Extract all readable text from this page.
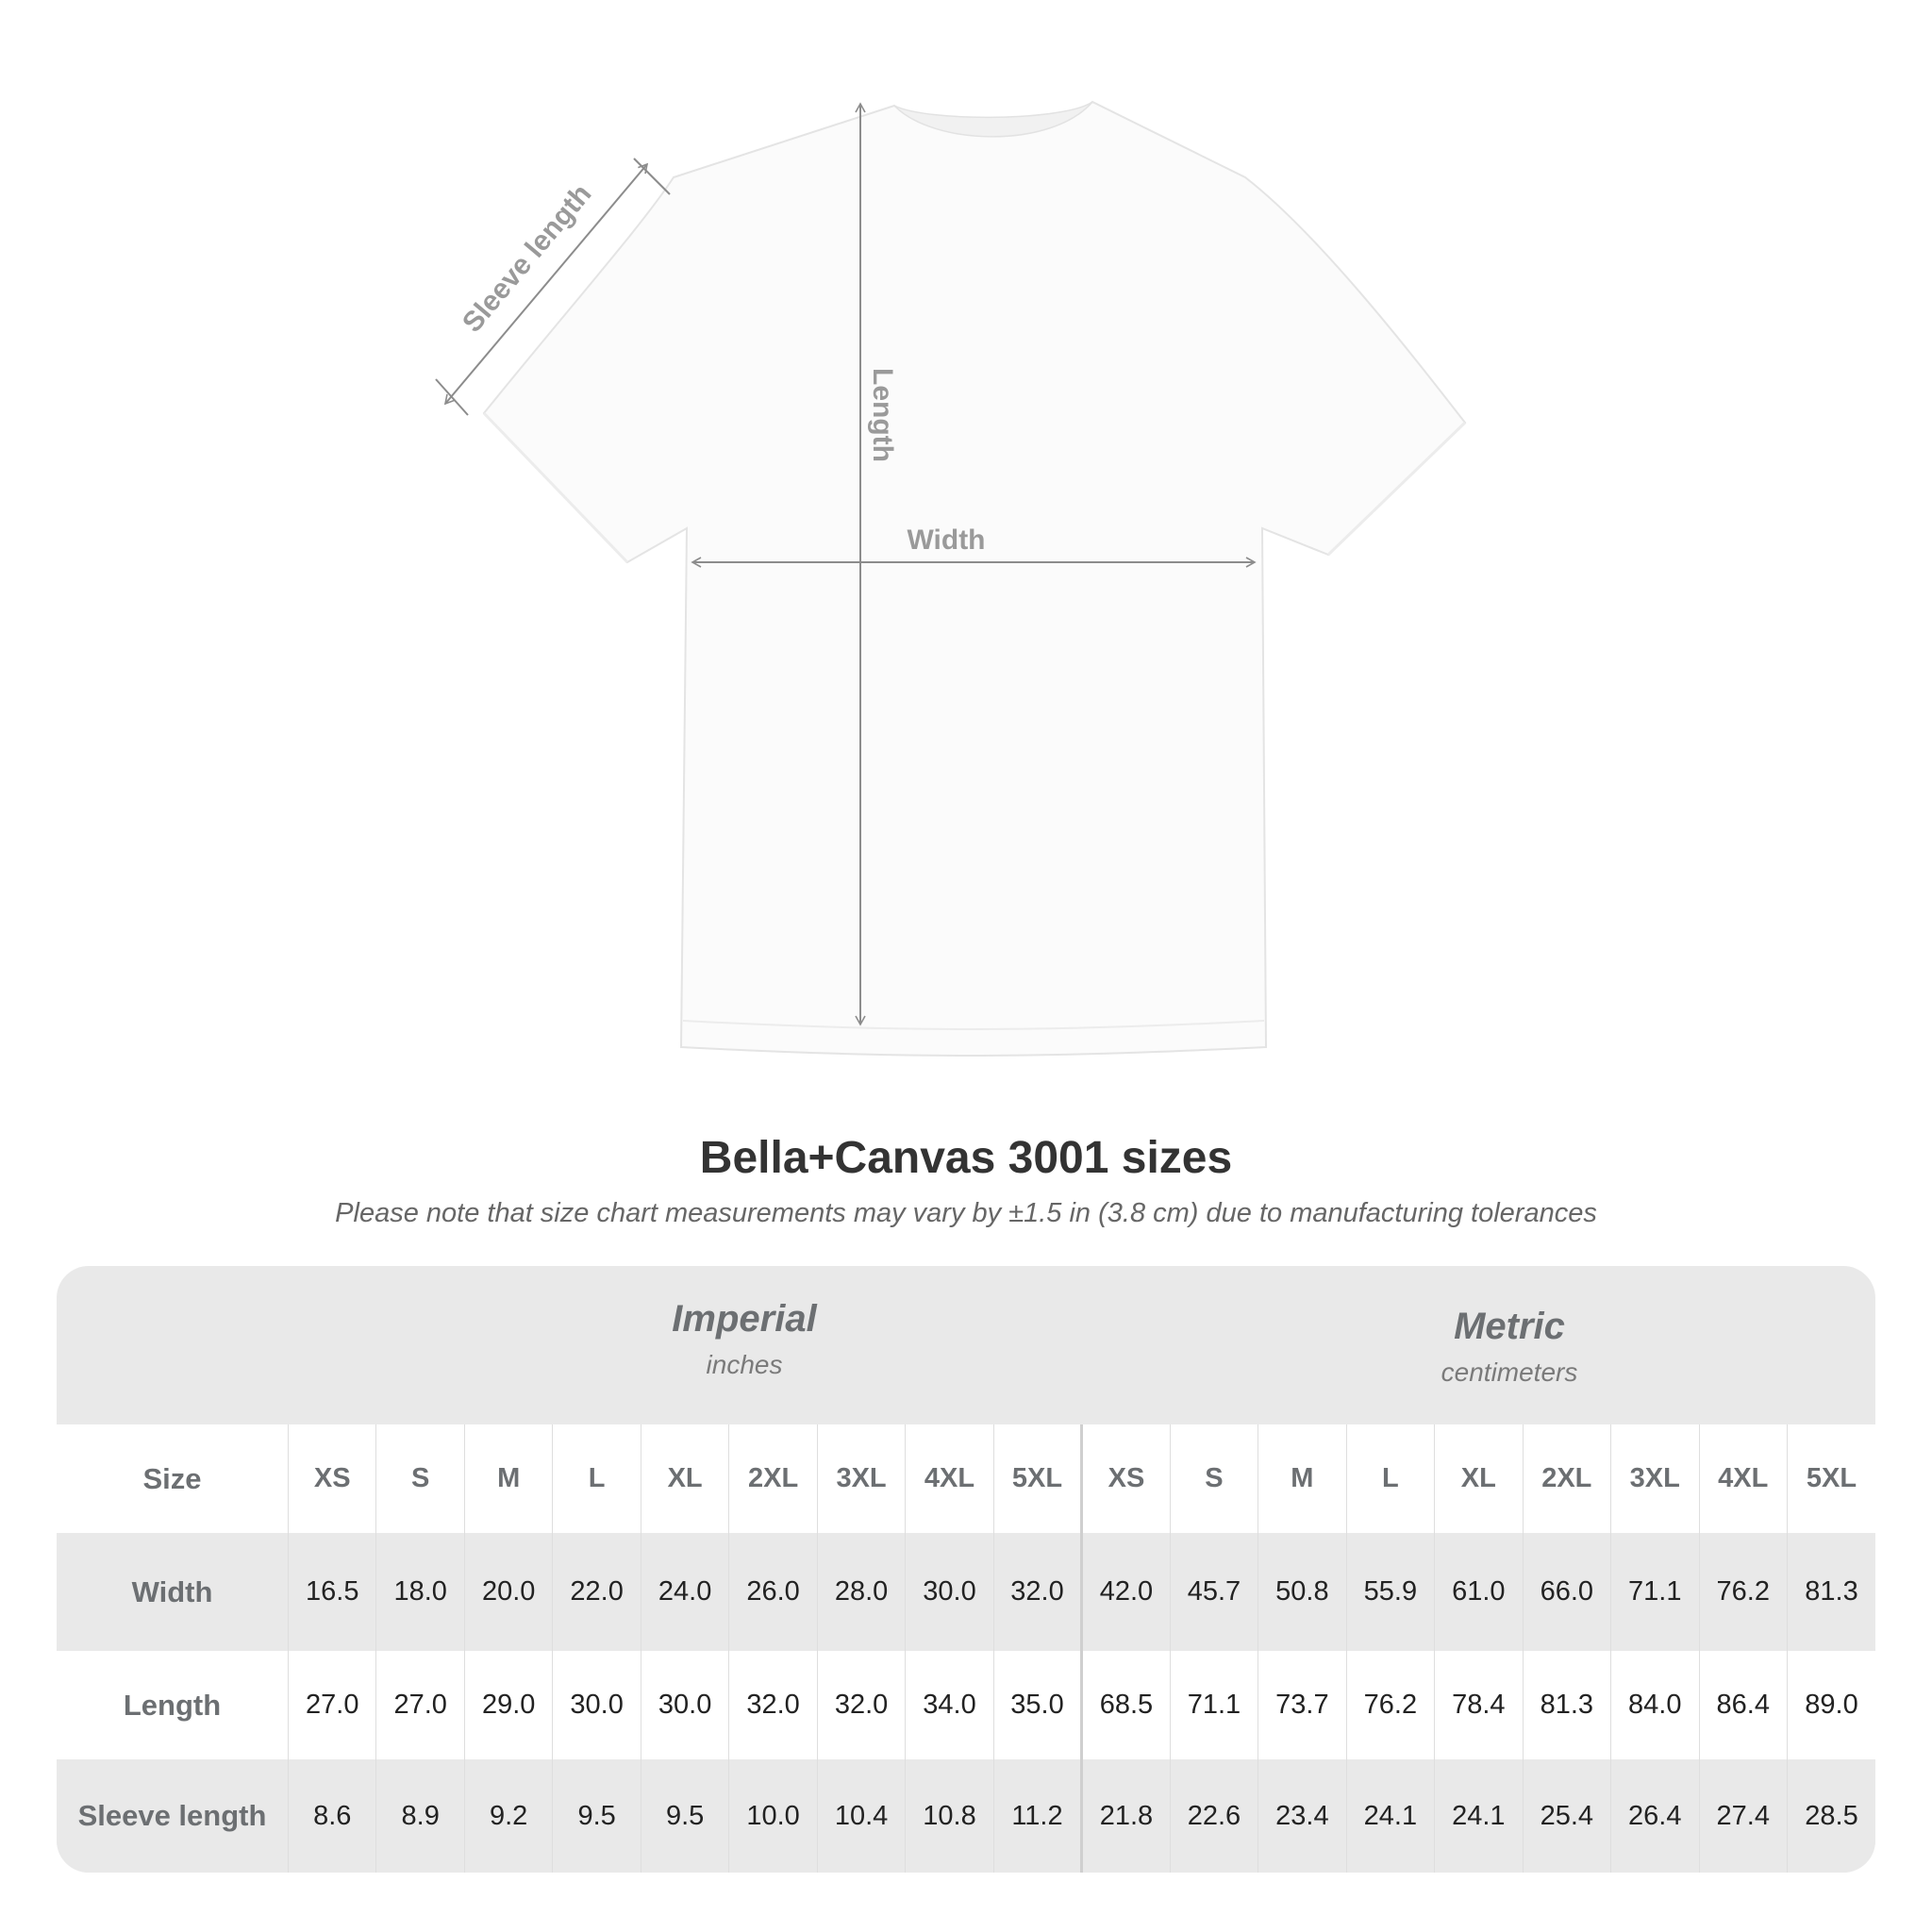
Sleeve length
Length
Width
Bella+Canvas 3001 sizes
Please note that size chart measurements may vary by ±1.5 in (3.8 cm) due to manufacturing tolerances
Imperial
inches
Metric
centimeters
Size	XS	S	M	L	XL	2XL	3XL	4XL	5XL	XS	S	M	L	XL	2XL	3XL	4XL	5XL
Width	16.5	18.0	20.0	22.0	24.0	26.0	28.0	30.0	32.0	42.0	45.7	50.8	55.9	61.0	66.0	71.1	76.2	81.3
Length	27.0	27.0	29.0	30.0	30.0	32.0	32.0	34.0	35.0	68.5	71.1	73.7	76.2	78.4	81.3	84.0	86.4	89.0
Sleeve length	8.6	8.9	9.2	9.5	9.5	10.0	10.4	10.8	11.2	21.8	22.6	23.4	24.1	24.1	25.4	26.4	27.4	28.5
